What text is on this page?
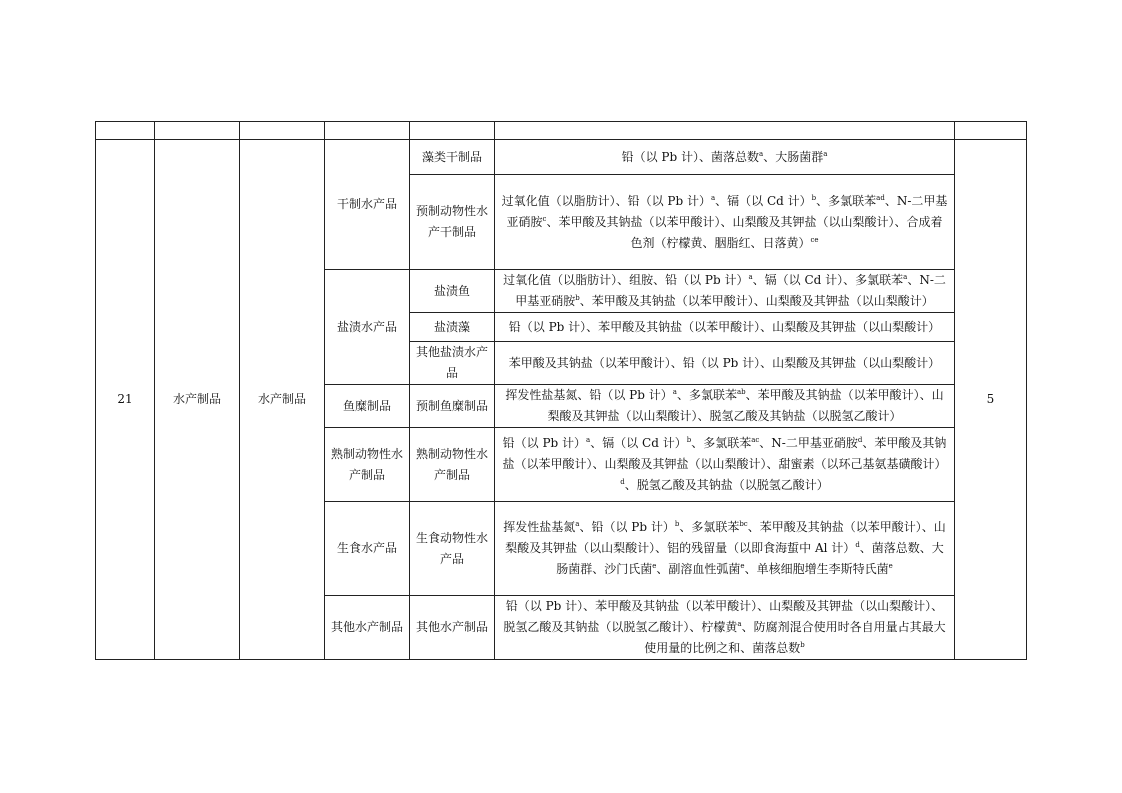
21	水产制品	水产制品	干制水产品	藻类干制品	铅（以 Pb 计）、菌落总数$^a$、大肠菌群$^a$	5
				预制动物性水产干制品	过氧化值（以脂肪计）、铅（以 Pb 计）$^a$、镉（以 Cd 计）$^b$、多氯联苯$^{ad}$、N-二甲基亚硝胺$^c$、苯甲酸及其钠盐（以苯甲酸计）、山梨酸及其钾盐（以山梨酸计）、合成着色剂（柠檬黄、胭脂红、日落黄）$^{ce}$
			盐渍水产品	盐渍鱼	过氧化值（以脂肪计）、组胺、铅（以 Pb 计）$^a$、镉（以 Cd 计）、多氯联苯$^a$、N-二甲基亚硝胺$^b$、苯甲酸及其钠盐（以苯甲酸计）、山梨酸及其钾盐（以山梨酸计）	
				盐渍藻	铅（以 Pb 计）、苯甲酸及其钠盐（以苯甲酸计）、山梨酸及其钾盐（以山梨酸计）	
				其他盐渍水产品	苯甲酸及其钠盐（以苯甲酸计）、铅（以 Pb 计）、山梨酸及其钾盐（以山梨酸计）	
			鱼糜制品	预制鱼糜制品	挥发性盐基氮、铅（以 Pb 计）$^a$、多氯联苯$^{ab}$、苯甲酸及其钠盐（以苯甲酸计）、山梨酸及其钾盐（以山梨酸计）、脱氢乙酸及其钠盐（以脱氢乙酸计）	
			熟制动物性水产制品	熟制动物性水产制品	铅（以 Pb 计）$^a$、镉（以 Cd 计）$^b$、多氯联苯$^{ac}$、N-二甲基亚硝胺$^d$、苯甲酸及其钠盐（以苯甲酸计）、山梨酸及其钾盐（以山梨酸计）、甜蜜素（以环己基氨基磺酸计）$^d$、脱氢乙酸及其钠盐（以脱氢乙酸计）	
			生食水产品	生食动物性水产品	挥发性盐基氮$^a$、铅（以 Pb 计）$^b$、多氯联苯$^{bc}$、苯甲酸及其钠盐（以苯甲酸计）、山梨酸及其钾盐（以山梨酸计）、铝的残留量（以即食海蜇中 Al 计）$^d$、菌落总数、大肠菌群、沙门氏菌$^e$、副溶血性弧菌$^e$、单核细胞增生李斯特氏菌$^e$
			其他水产制品	其他水产制品	铅（以 Pb 计）、苯甲酸及其钠盐（以苯甲酸计）、山梨酸及其钾盐（以山梨酸计）、脱氢乙酸及其钠盐（以脱氢乙酸计）、柠檬黄$^a$、防腐剂混合使用时各自用量占其最大使用量的比例之和、菌落总数$^b$
